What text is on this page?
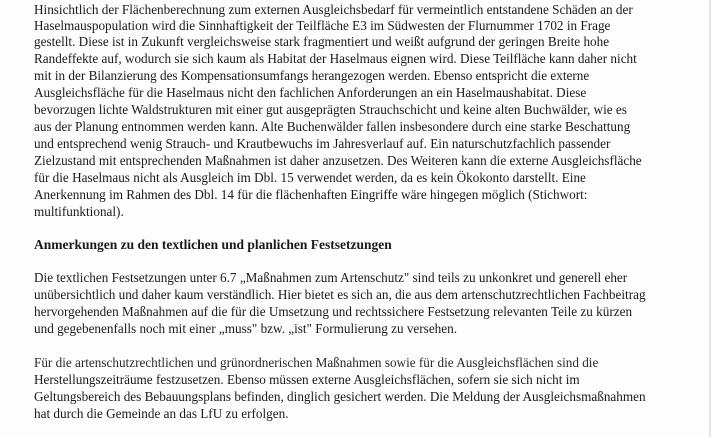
Hinsichtlich der Flächenberechnung zum externen Ausgleichsbedarf für vermeintlich entstandene Schäden an der
Haselmauspopulation wird die Sinnhaftigkeit der Teilfläche E3 im Südwesten der Flurnummer 1702 in Frage
gestellt. Diese ist in Zukunft vergleichsweise stark fragmentiert und weißt aufgrund der geringen Breite hohe
Randeffekte auf, wodurch sie sich kaum als Habitat der Haselmaus eignen wird. Diese Teilfläche kann daher nicht
mit in der Bilanzierung des Kompensationsumfangs herangezogen werden. Ebenso entspricht die externe
Ausgleichsfläche für die Haselmaus nicht den fachlichen Anforderungen an ein Haselmaushabitat. Diese
bevorzugen lichte Waldstrukturen mit einer gut ausgeprägten Strauchschicht und keine alten Buchwälder, wie es
aus der Planung entnommen werden kann. Alte Buchenwälder fallen insbesondere durch eine starke Beschattung
und entsprechend wenig Strauch- und Krautbewuchs im Jahresverlauf auf. Ein naturschutzfachlich passender
Zielzustand mit entsprechenden Maßnahmen ist daher anzusetzen. Des Weiteren kann die externe Ausgleichsfläche
für die Haselmaus nicht als Ausgleich im Dbl. 15 verwendet werden, da es kein Ökokonto darstellt. Eine
Anerkennung im Rahmen des Dbl. 14 für die flächenhaften Eingriffe wäre hingegen möglich (Stichwort:
multifunktional).
Anmerkungen zu den textlichen und planlichen Festsetzungen
Die textlichen Festsetzungen unter 6.7 „Maßnahmen zum Artenschutz" sind teils zu unkonkret und generell eher
unübersichtlich und daher kaum verständlich. Hier bietet es sich an, die aus dem artenschutzrechtlichen Fachbeitrag
hervorgehenden Maßnahmen auf die für die Umsetzung und rechtssichere Festsetzung relevanten Teile zu kürzen
und gegebenenfalls noch mit einer „muss" bzw. „ist" Formulierung zu versehen.
Für die artenschutzrechtlichen und grünordnerischen Maßnahmen sowie für die Ausgleichsflächen sind die
Herstellungszeiträume festzusetzen. Ebenso müssen externe Ausgleichsflächen, sofern sie sich nicht im
Geltungsbereich des Bebauungsplans befinden, dinglich gesichert werden. Die Meldung der Ausgleichsmaßnahmen
hat durch die Gemeinde an das LfU zu erfolgen.
